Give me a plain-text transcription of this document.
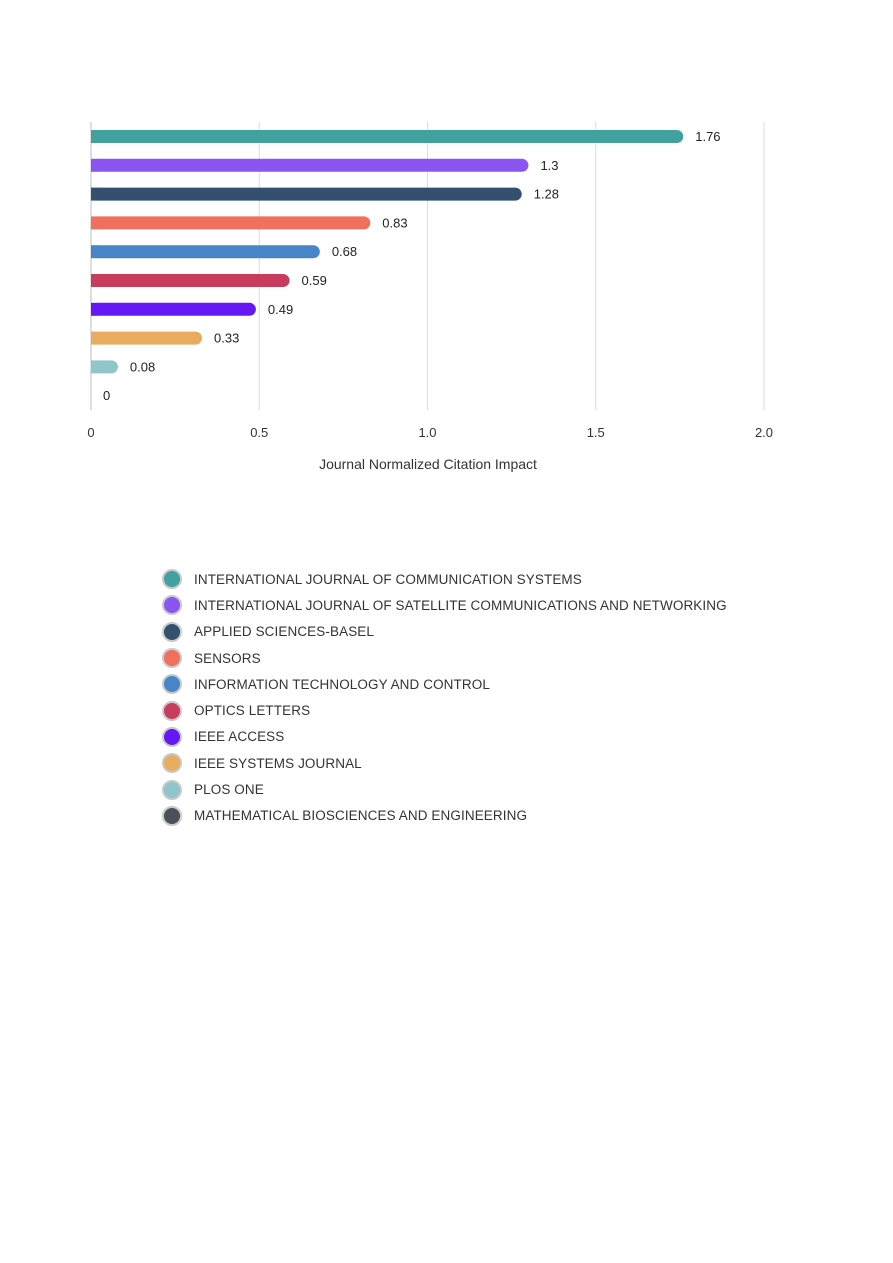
1.76
1.3
1.28
0.83
0.68
0.59
0.49
0.33
0.08
0
0	0.5	1.0	1.5	2.0
Journal Normalized Citation Impact
INTERNATIONAL JOURNAL OF COMMUNICATION SYSTEMS
INTERNATIONAL JOURNAL OF SATELLITE COMMUNICATIONS AND NETWORKING
APPLIED SCIENCES-BASEL
SENSORS
INFORMATION TECHNOLOGY AND CONTROL
OPTICS LETTERS
IEEE ACCESS
IEEE SYSTEMS JOURNAL
PLOS ONE
MATHEMATICAL BIOSCIENCES AND ENGINEERING
